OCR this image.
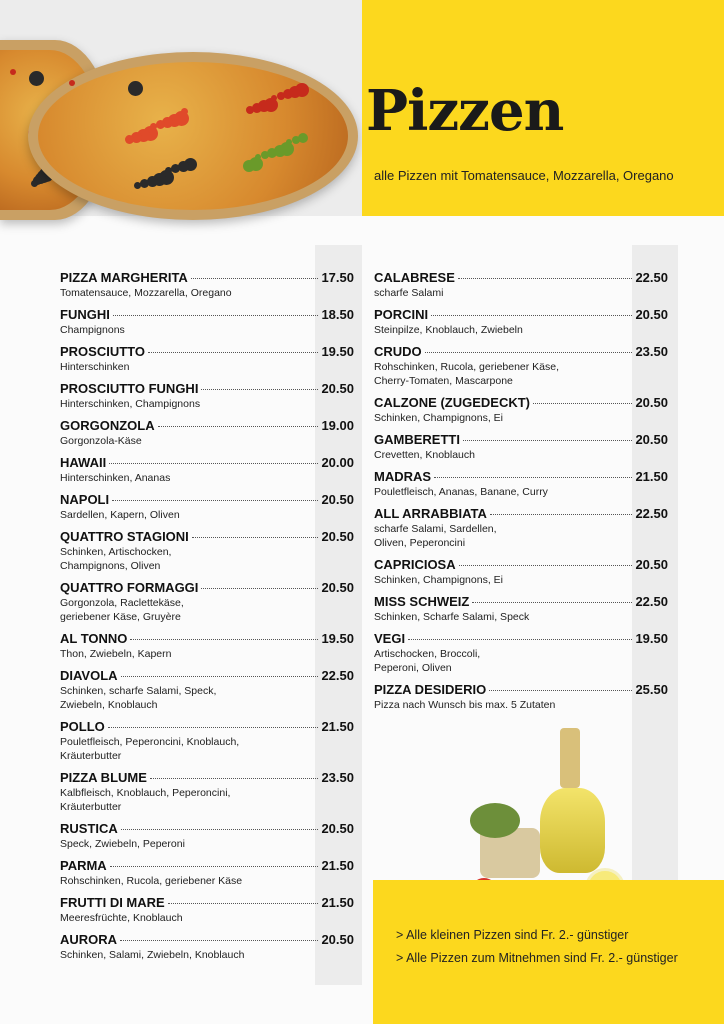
Pizzen
alle Pizzen mit Tomatensauce, Mozzarella, Oregano
PIZZA MARGHERITA	17.50
Tomatensauce, Mozzarella, Oregano
FUNGHI	18.50
Champignons
PROSCIUTTO	19.50
Hinterschinken
PROSCIUTTO FUNGHI	20.50
Hinterschinken, Champignons
GORGONZOLA	19.00
Gorgonzola-Käse
HAWAII	20.00
Hinterschinken, Ananas
NAPOLI	20.50
Sardellen, Kapern, Oliven
QUATTRO STAGIONI	20.50
Schinken, Artischocken,
Champignons, Oliven
QUATTRO FORMAGGI	20.50
Gorgonzola, Raclettekäse,
geriebener Käse, Gruyère
AL TONNO	19.50
Thon, Zwiebeln, Kapern
DIAVOLA	22.50
Schinken, scharfe Salami, Speck,
Zwiebeln, Knoblauch
POLLO	21.50
Pouletfleisch, Peperoncini, Knoblauch,
Kräuterbutter
PIZZA BLUME	23.50
Kalbfleisch, Knoblauch, Peperoncini,
Kräuterbutter
RUSTICA	20.50
Speck, Zwiebeln, Peperoni
PARMA	21.50
Rohschinken, Rucola, geriebener Käse
FRUTTI DI MARE	21.50
Meeresfrüchte, Knoblauch
AURORA	20.50
Schinken, Salami, Zwiebeln, Knoblauch
CALABRESE	22.50
scharfe Salami
PORCINI	20.50
Steinpilze, Knoblauch, Zwiebeln
CRUDO	23.50
Rohschinken, Rucola, geriebener Käse,
Cherry-Tomaten, Mascarpone
CALZONE (ZUGEDECKT)	20.50
Schinken, Champignons, Ei
GAMBERETTI	20.50
Crevetten, Knoblauch
MADRAS	21.50
Pouletfleisch, Ananas, Banane, Curry
ALL ARRABBIATA	22.50
scharfe Salami, Sardellen,
Oliven, Peperoncini
CAPRICIOSA	20.50
Schinken, Champignons, Ei
MISS SCHWEIZ	22.50
Schinken, Scharfe Salami, Speck
VEGI	19.50
Artischocken, Broccoli,
Peperoni, Oliven
PIZZA DESIDERIO	25.50
Pizza nach Wunsch bis max. 5 Zutaten
> Alle kleinen Pizzen sind Fr. 2.- günstiger
> Alle Pizzen zum Mitnehmen sind Fr. 2.- günstiger
